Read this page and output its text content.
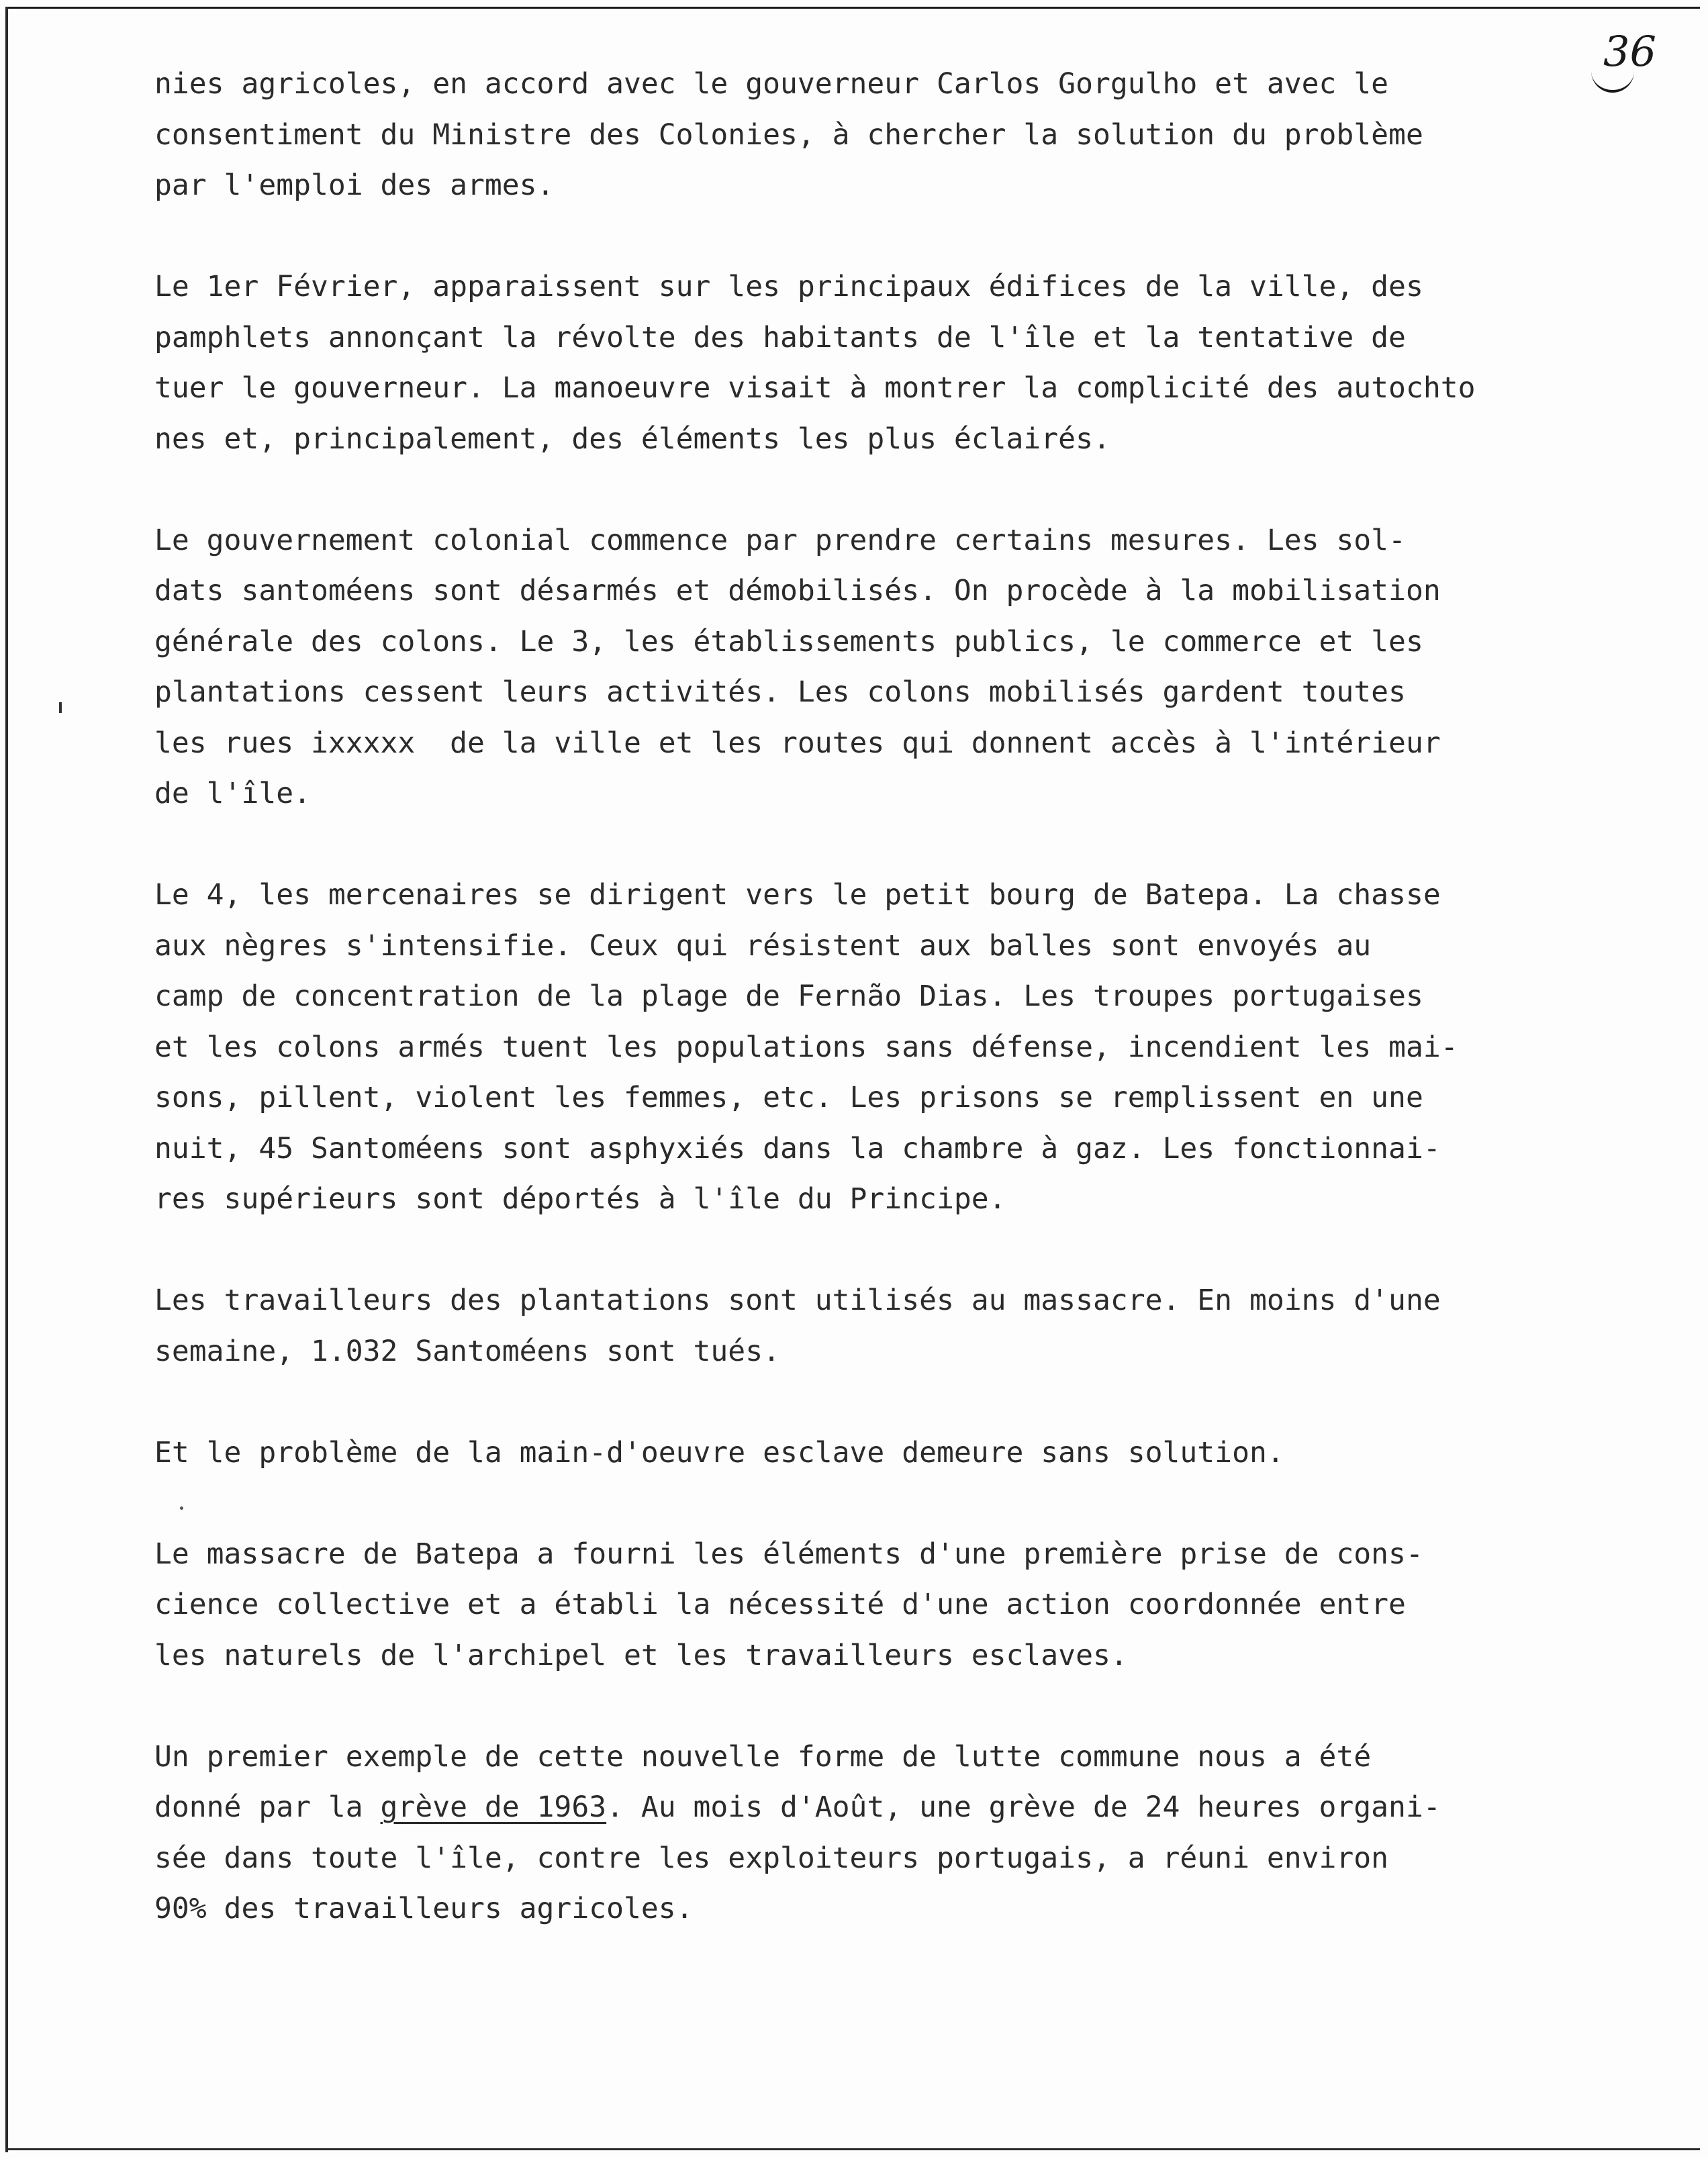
36
nies agricoles, en accord avec le gouverneur Carlos Gorgulho et avec le
consentiment du Ministre des Colonies, à chercher la solution du problème
par l'emploi des armes.
Le 1er Février, apparaissent sur les principaux édifices de la ville, des
pamphlets annonçant la révolte des habitants de l'île et la tentative de
tuer le gouverneur. La manoeuvre visait à montrer la complicité des autochto
nes et, principalement, des éléments les plus éclairés.
Le gouvernement colonial commence par prendre certains mesures. Les sol-
dats santoméens sont désarmés et démobilisés. On procède à la mobilisation
générale des colons. Le 3, les établissements publics, le commerce et les
plantations cessent leurs activités. Les colons mobilisés gardent toutes
les rues ixxxxx  de la ville et les routes qui donnent accès à l'intérieur
de l'île.
Le 4, les mercenaires se dirigent vers le petit bourg de Batepa. La chasse
aux nègres s'intensifie. Ceux qui résistent aux balles sont envoyés au
camp de concentration de la plage de Fernão Dias. Les troupes portugaises
et les colons armés tuent les populations sans défense, incendient les mai-
sons, pillent, violent les femmes, etc. Les prisons se remplissent en une
nuit, 45 Santoméens sont asphyxiés dans la chambre à gaz. Les fonctionnai-
res supérieurs sont déportés à l'île du Principe.
Les travailleurs des plantations sont utilisés au massacre. En moins d'une
semaine, 1.032 Santoméens sont tués.
Et le problème de la main-d'oeuvre esclave demeure sans solution.
Le massacre de Batepa a fourni les éléments d'une première prise de cons-
cience collective et a établi la nécessité d'une action coordonnée entre
les naturels de l'archipel et les travailleurs esclaves.
Un premier exemple de cette nouvelle forme de lutte commune nous a été
donné par la grève de 1963. Au mois d'Août, une grève de 24 heures organi-
sée dans toute l'île, contre les exploiteurs portugais, a réuni environ
90% des travailleurs agricoles.
